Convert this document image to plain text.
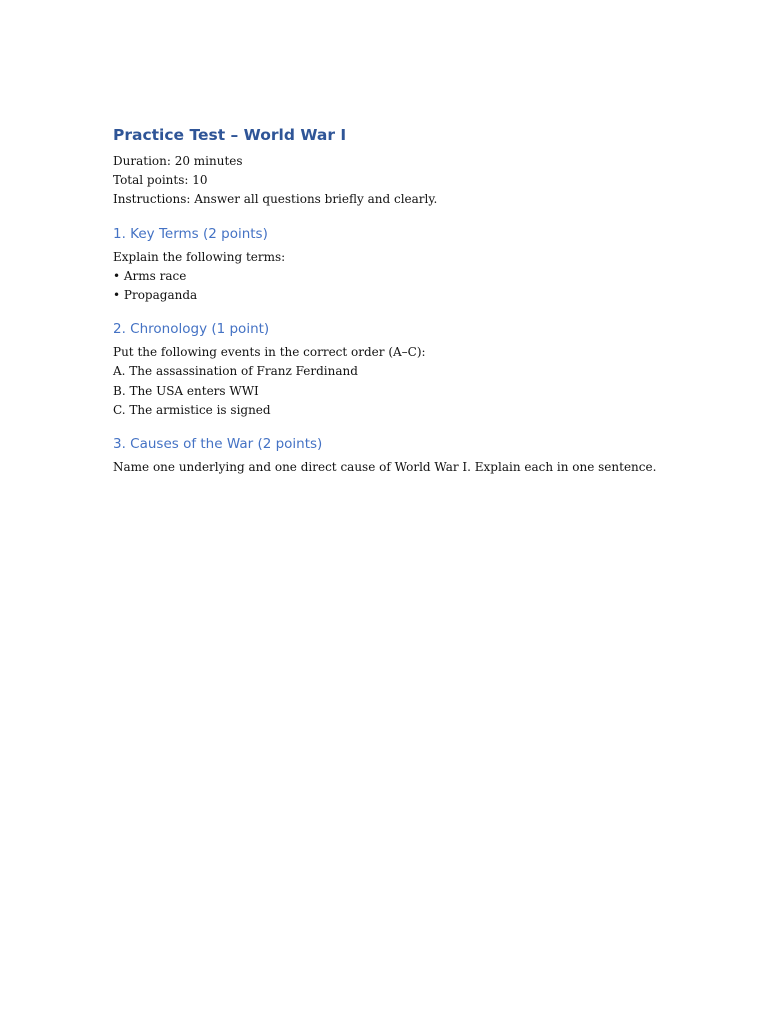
Practice Test – World War I

Duration: 20 minutes

Total points: 10

Instructions: Answer all questions briefly and clearly.

1. Key Terms (2 points)

Explain the following terms:

• Arms race

• Propaganda

2. Chronology (1 point)

Put the following events in the correct order (A–C):

A. The assassination of Franz Ferdinand

B. The USA enters WWI

C. The armistice is signed

3. Causes of the War (2 points)

Name one underlying and one direct cause of World War I. Explain each in one sentence.
